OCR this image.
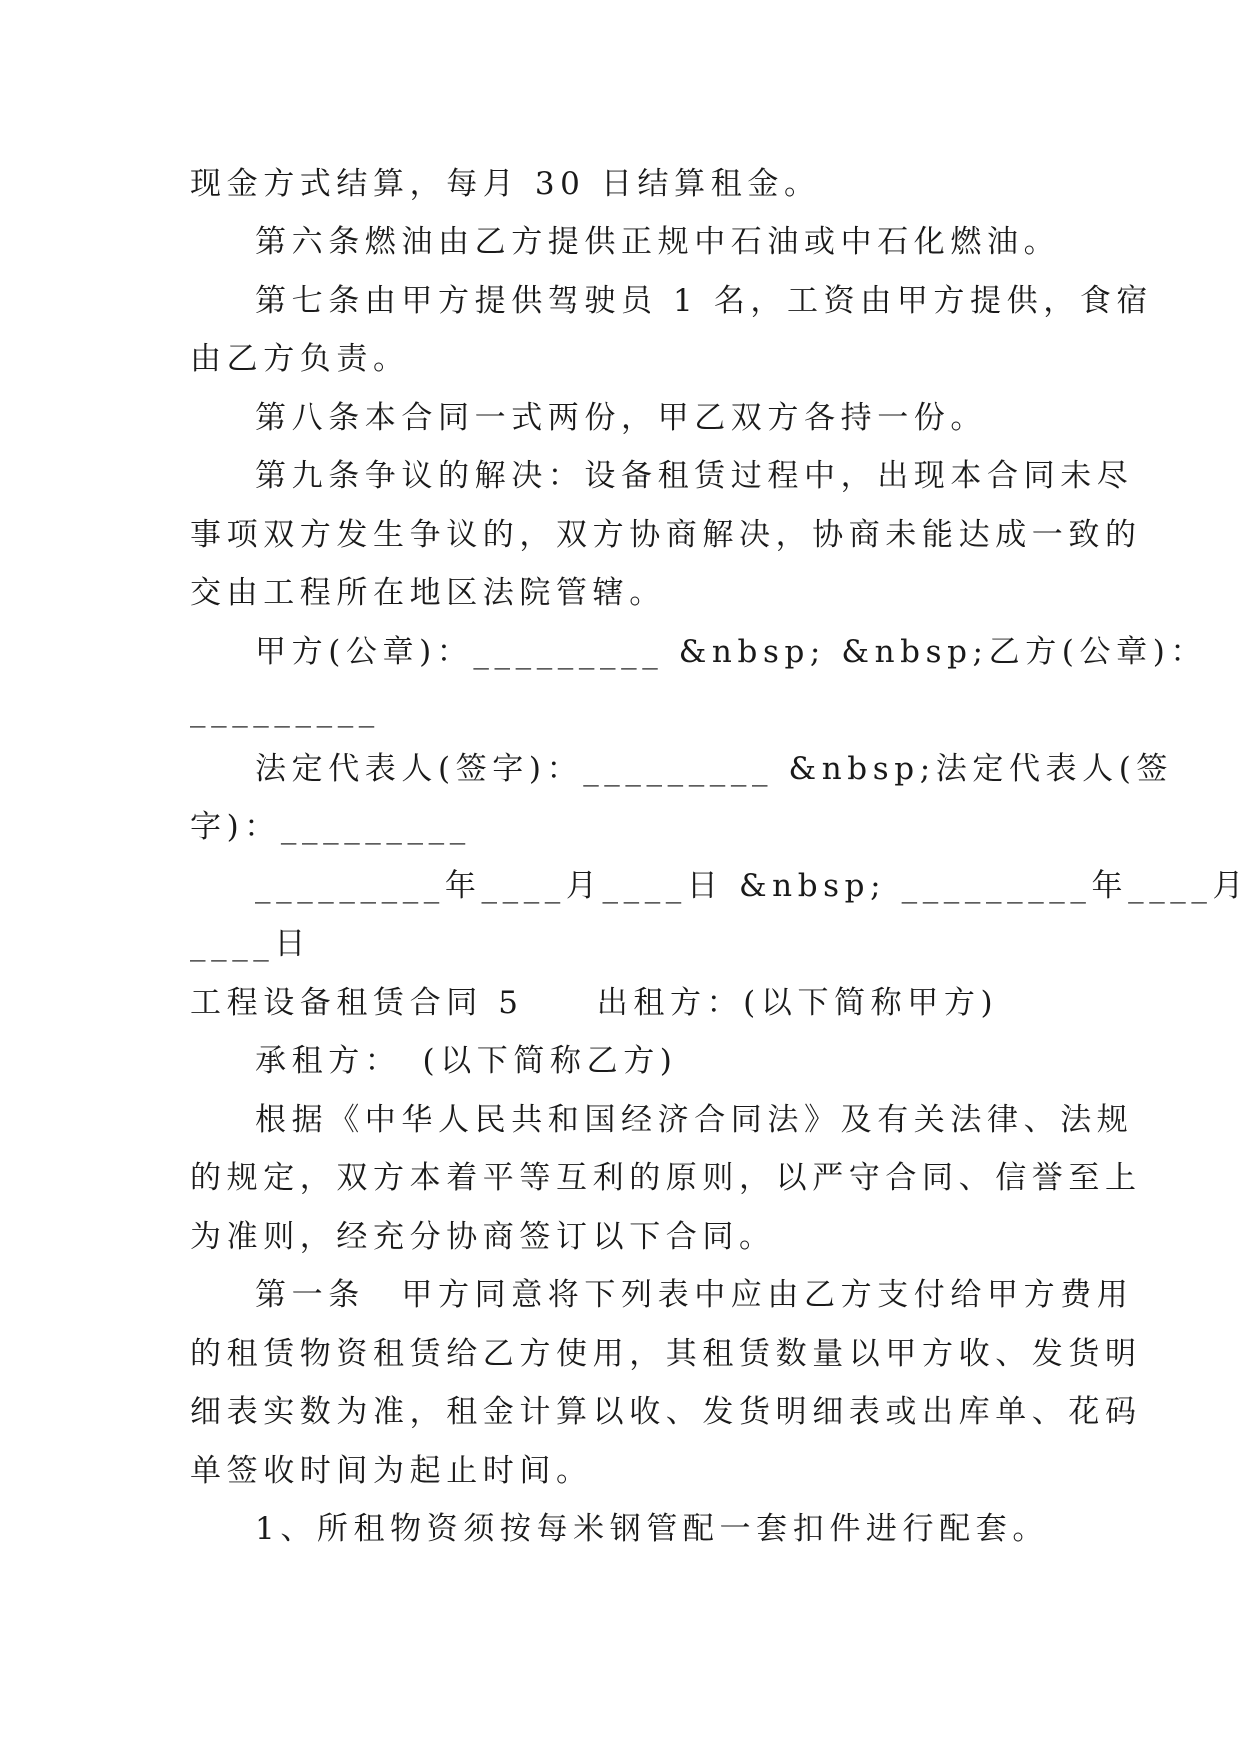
现金方式结算，每月 30 日结算租金。
第六条燃油由乙方提供正规中石油或中石化燃油。
第七条由甲方提供驾驶员 1 名，工资由甲方提供，食宿
由乙方负责。
第八条本合同一式两份，甲乙双方各持一份。
第九条争议的解决：设备租赁过程中，出现本合同未尽
事项双方发生争议的，双方协商解决，协商未能达成一致的
交由工程所在地区法院管辖。
甲方(公章)：_________ &nbsp; &nbsp;乙方(公章)：
_________
法定代表人(签字)：_________ &nbsp;法定代表人(签
字)：_________
_________年____月____日 &nbsp; _________年____月
____日
工程设备租赁合同 5　　出租方：(以下简称甲方)
承租方：　(以下简称乙方)
根据《中华人民共和国经济合同法》及有关法律、法规
的规定，双方本着平等互利的原则，以严守合同、信誉至上
为准则，经充分协商签订以下合同。
第一条　甲方同意将下列表中应由乙方支付给甲方费用
的租赁物资租赁给乙方使用，其租赁数量以甲方收、发货明
细表实数为准，租金计算以收、发货明细表或出库单、花码
单签收时间为起止时间。
1、所租物资须按每米钢管配一套扣件进行配套。
